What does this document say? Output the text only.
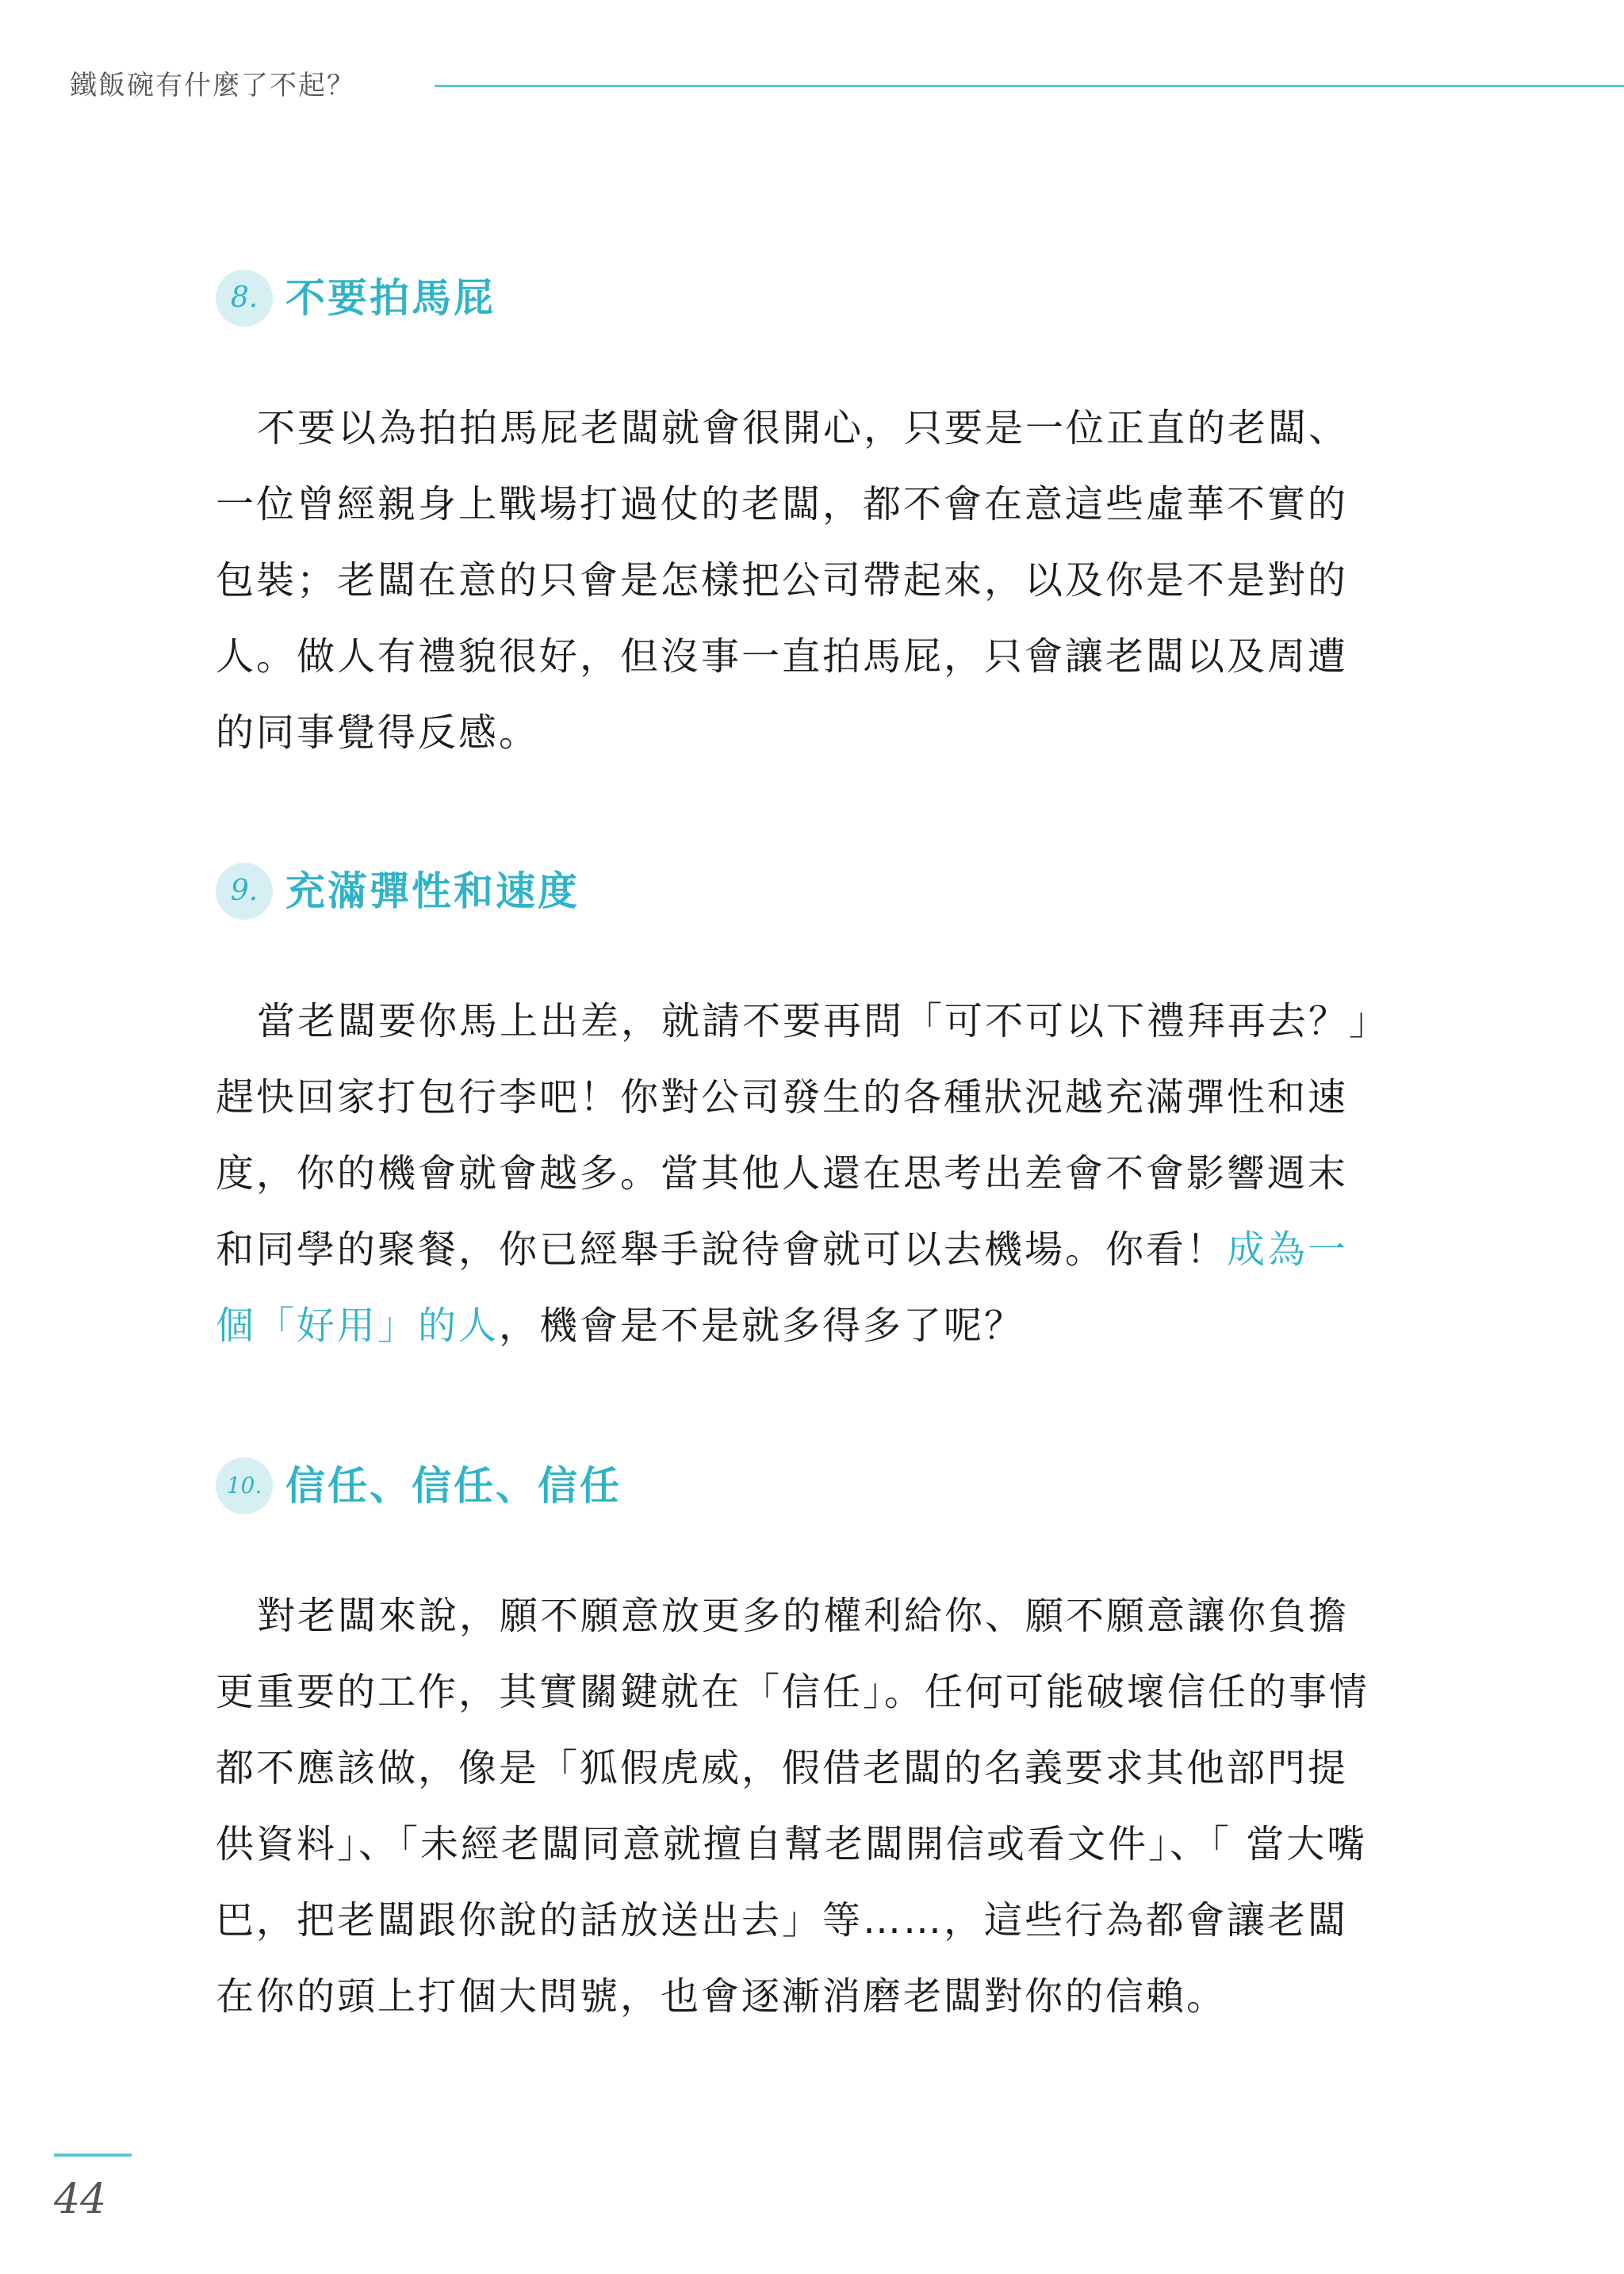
鐵飯碗有什麼了不起？
8. 不要拍馬屁

不要以為拍拍馬屁老闆就會很開心，只要是一位正直的老闆、一位曾經親身上戰場打過仗的老闆，都不會在意這些虛華不實的包裝；老闆在意的只會是怎樣把公司帶起來，以及你是不是對的人。做人有禮貌很好，但沒事一直拍馬屁，只會讓老闆以及周遭的同事覺得反感。

9. 充滿彈性和速度

當老闆要你馬上出差，就請不要再問「可不可以下禮拜再去？」趕快回家打包行李吧！你對公司發生的各種狀況越充滿彈性和速度，你的機會就會越多。當其他人還在思考出差會不會影響週末和同學的聚餐，你已經舉手說待會就可以去機場。你看！成為一個「好用」的人，機會是不是就多得多了呢？

10. 信任、信任、信任

對老闆來說，願不願意放更多的權利給你、願不願意讓你負擔更重要的工作，其實關鍵就在「信任」。任何可能破壞信任的事情都不應該做，像是「狐假虎威，假借老闆的名義要求其他部門提供資料」、「未經老闆同意就擅自幫老闆開信或看文件」、「 當大嘴巴，把老闆跟你說的話放送出去」等……，這些行為都會讓老闆在你的頭上打個大問號，也會逐漸消磨老闆對你的信賴。

44
